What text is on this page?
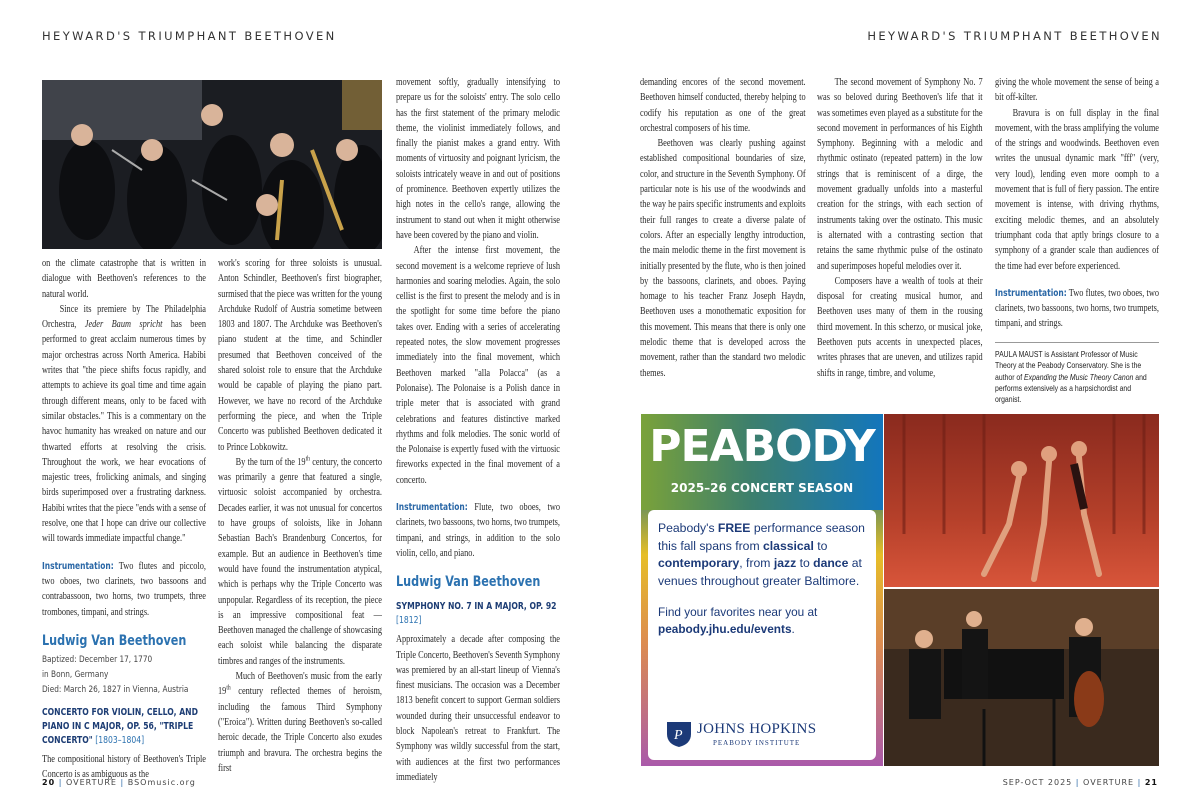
HEYWARD'S TRIUMPHANT BEETHOVEN	HEYWARD'S TRIUMPHANT BEETHOVEN

on the climate catastrophe that is written in dialogue with Beethoven's references to the natural world.

Since its premiere by The Philadelphia Orchestra, Jeder Baum spricht has been performed to great acclaim numerous times by major orchestras across North America. Habibi writes that "the piece shifts focus rapidly, and attempts to achieve its goal time and time again through different means, only to be faced with similar obstacles." This is a commentary on the havoc humanity has wreaked on nature and our thwarted efforts at resolving the crisis. Throughout the work, we hear evocations of majestic trees, frolicking animals, and singing birds superimposed over a frustrating darkness. Habibi writes that the piece "ends with a sense of resolve, one that I hope can drive our collective will towards immediate impactful change."

Instrumentation: Two flutes and piccolo, two oboes, two clarinets, two bassoons and contrabassoon, two horns, two trumpets, three trombones, timpani, and strings.

Ludwig Van Beethoven
Baptized: December 17, 1770
in Bonn, Germany
Died: March 26, 1827 in Vienna, Austria
CONCERTO FOR VIOLIN, CELLO, AND PIANO IN C MAJOR, OP. 56, "TRIPLE CONCERTO" [1803–1804]

The compositional history of Beethoven's Triple Concerto is as ambiguous as the

work's scoring for three soloists is unusual. Anton Schindler, Beethoven's first biographer, surmised that the piece was written for the young Archduke Rudolf of Austria sometime between 1803 and 1807. The Archduke was Beethoven's piano student at the time, and Schindler presumed that Beethoven conceived of the shared soloist role to ensure that the Archduke would be capable of playing the piano part. However, we have no record of the Archduke performing the piece, and when the Triple Concerto was published Beethoven dedicated it to Prince Lobkowitz.

By the turn of the 19th century, the concerto was primarily a genre that featured a single, virtuosic soloist accompanied by orchestra. Decades earlier, it was not unusual for concertos to have groups of soloists, like in Johann Sebastian Bach's Brandenburg Concertos, for example. But an audience in Beethoven's time would have found the instrumentation atypical, which is perhaps why the Triple Concerto was unpopular. Regardless of its reception, the piece is an impressive compositional feat — Beethoven managed the challenge of showcasing each soloist while balancing the disparate timbres and ranges of the instruments.

Much of Beethoven's music from the early 19th century reflected themes of heroism, including the famous Third Symphony ("Eroica"). Written during Beethoven's so-called heroic decade, the Triple Concerto also exudes triumph and bravura. The orchestra begins the first

movement softly, gradually intensifying to prepare us for the soloists' entry. The solo cello has the first statement of the primary melodic theme, the violinist immediately follows, and finally the pianist makes a grand entry. With moments of virtuosity and poignant lyricism, the soloists intricately weave in and out of positions of prominence. Beethoven expertly utilizes the high notes in the cello's range, allowing the instrument to stand out when it might otherwise have been covered by the piano and violin.

After the intense first movement, the second movement is a welcome reprieve of lush harmonies and soaring melodies. Again, the solo cellist is the first to present the melody and is in the spotlight for some time before the piano takes over. Ending with a series of accelerating repeated notes, the slow movement progresses immediately into the final movement, which Beethoven marked "alla Polacca" (as a Polonaise). The Polonaise is a Polish dance in triple meter that is associated with grand celebrations and features distinctive marked rhythms and folk melodies. The sonic world of the Polonaise is expertly fused with the virtuosic fireworks expected in the final movement of a concerto.

Instrumentation: Flute, two oboes, two clarinets, two bassoons, two horns, two trumpets, timpani, and strings, in addition to the solo violin, cello, and piano.

Ludwig Van Beethoven
SYMPHONY NO. 7 IN A MAJOR, OP. 92 [1812]

Approximately a decade after composing the Triple Concerto, Beethoven's Seventh Symphony was premiered by an all-start lineup of Vienna's finest musicians. The occasion was a December 1813 benefit concert to support German soldiers wounded during their unsuccessful endeavor to block Napolean's retreat to Frankfurt. The Symphony was wildly successful from the start, with audiences at the first two performances immediately

20 | OVERTURE | BSOmusic.org

demanding encores of the second movement. Beethoven himself conducted, thereby helping to codify his reputation as one of the great orchestral composers of his time.

Beethoven was clearly pushing against established compositional boundaries of size, color, and structure in the Seventh Symphony. Of particular note is his use of the woodwinds and the way he pairs specific instruments and exploits their full ranges to create a diverse palate of colors. After an especially lengthy introduction, the main melodic theme in the first movement is initially presented by the flute, who is then joined by the bassoons, clarinets, and oboes. Paying homage to his teacher Franz Joseph Haydn, Beethoven uses a monothematic exposition for this movement. This means that there is only one melodic theme that is developed across the movement, rather than the standard two melodic themes.

The second movement of Symphony No. 7 was so beloved during Beethoven's life that it was sometimes even played as a substitute for the second movement in performances of his Eighth Symphony. Beginning with a melodic and rhythmic ostinato (repeated pattern) in the low strings that is reminiscent of a dirge, the movement gradually unfolds into a masterful creation for the strings, with each section of instruments taking over the ostinato. This music is alternated with a contrasting section that retains the same rhythmic pulse of the ostinato and superimposes hopeful melodies over it.

Composers have a wealth of tools at their disposal for creating musical humor, and Beethoven uses many of them in the rousing third movement. In this scherzo, or musical joke, Beethoven puts accents in unexpected places, writes phrases that are uneven, and utilizes rapid shifts in range, timbre, and volume,

giving the whole movement the sense of being a bit off-kilter.

Bravura is on full display in the final movement, with the brass amplifying the volume of the strings and woodwinds. Beethoven even writes the unusual dynamic mark "fff" (very, very loud), lending even more oomph to a movement that is full of fiery passion. The entire movement is intense, with driving rhythms, exciting melodic themes, and an absolutely triumphant coda that aptly brings closure to a symphony of a grander scale than audiences of the time had ever before experienced.

Instrumentation: Two flutes, two oboes, two clarinets, two bassoons, two horns, two trumpets, timpani, and strings.

PAULA MAUST is Assistant Professor of Music Theory at the Peabody Conservatory. She is the author of Expanding the Music Theory Canon and performs extensively as a harpsichordist and organist.
PEABODY
2025–26 CONCERT SEASON
Peabody's FREE performance season this fall spans from classical to contemporary, from jazz to dance at venues throughout greater Baltimore.
Find your favorites near you at
peabody.jhu.edu/events.
P JOHNS HOPKINS
PEABODY INSTITUTE
SEP-OCT 2025 | OVERTURE | 21
